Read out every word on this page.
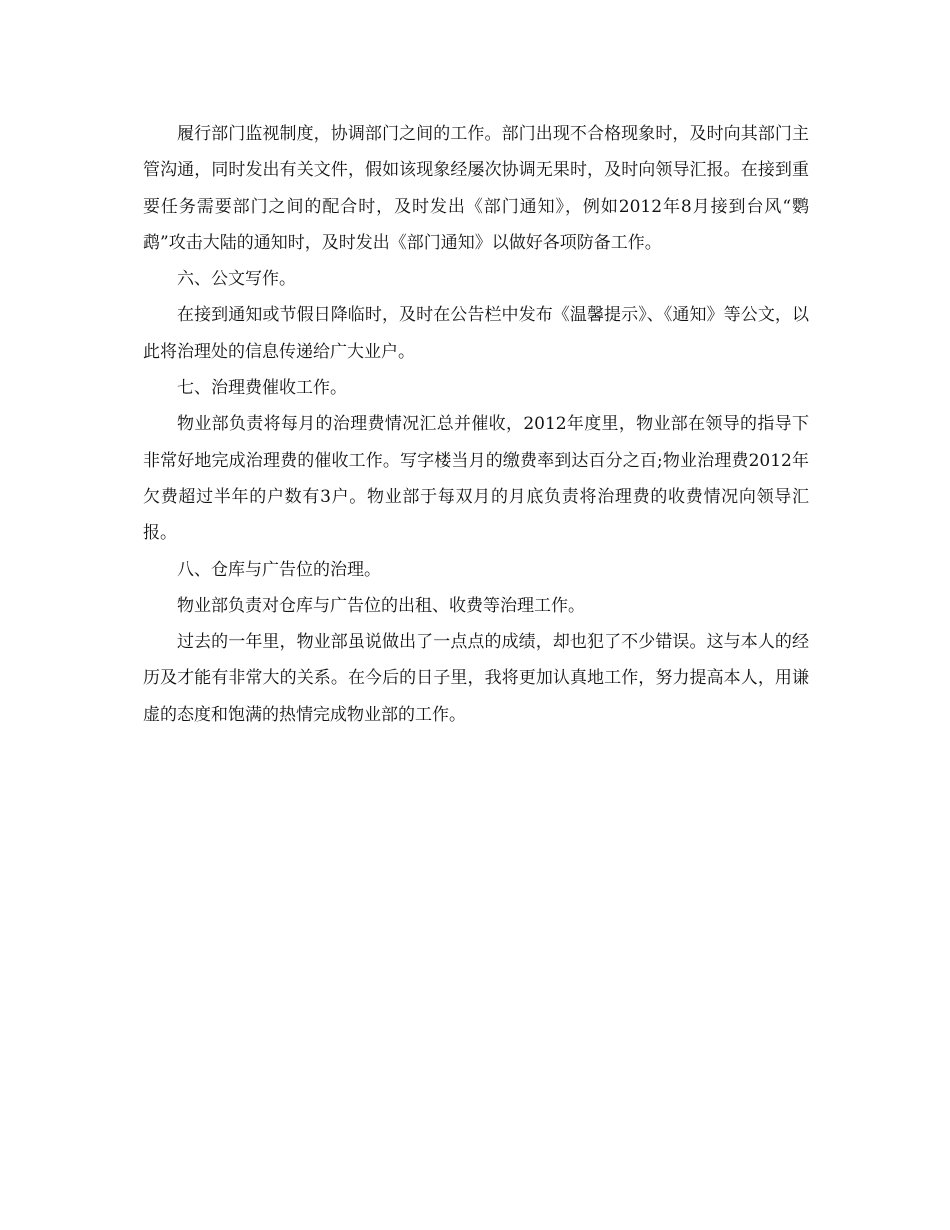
履行部门监视制度，协调部门之间的工作。部门出现不合格现象时，及时向其部门主管沟通，同时发出有关文件，假如该现象经屡次协调无果时，及时向领导汇报。在接到重要任务需要部门之间的配合时，及时发出《部门通知》，例如2012年8月接到台风“鹦鹉”攻击大陆的通知时，及时发出《部门通知》以做好各项防备工作。

六、公文写作。

在接到通知或节假日降临时，及时在公告栏中发布《温馨提示》、《通知》等公文，以此将治理处的信息传递给广大业户。

七、治理费催收工作。

物业部负责将每月的治理费情况汇总并催收，2012年度里，物业部在领导的指导下非常好地完成治理费的催收工作。写字楼当月的缴费率到达百分之百;物业治理费2012年欠费超过半年的户数有3户。物业部于每双月的月底负责将治理费的收费情况向领导汇报。

八、仓库与广告位的治理。

物业部负责对仓库与广告位的出租、收费等治理工作。

过去的一年里，物业部虽说做出了一点点的成绩，却也犯了不少错误。这与本人的经历及才能有非常大的关系。在今后的日子里，我将更加认真地工作，努力提高本人，用谦虚的态度和饱满的热情完成物业部的工作。
